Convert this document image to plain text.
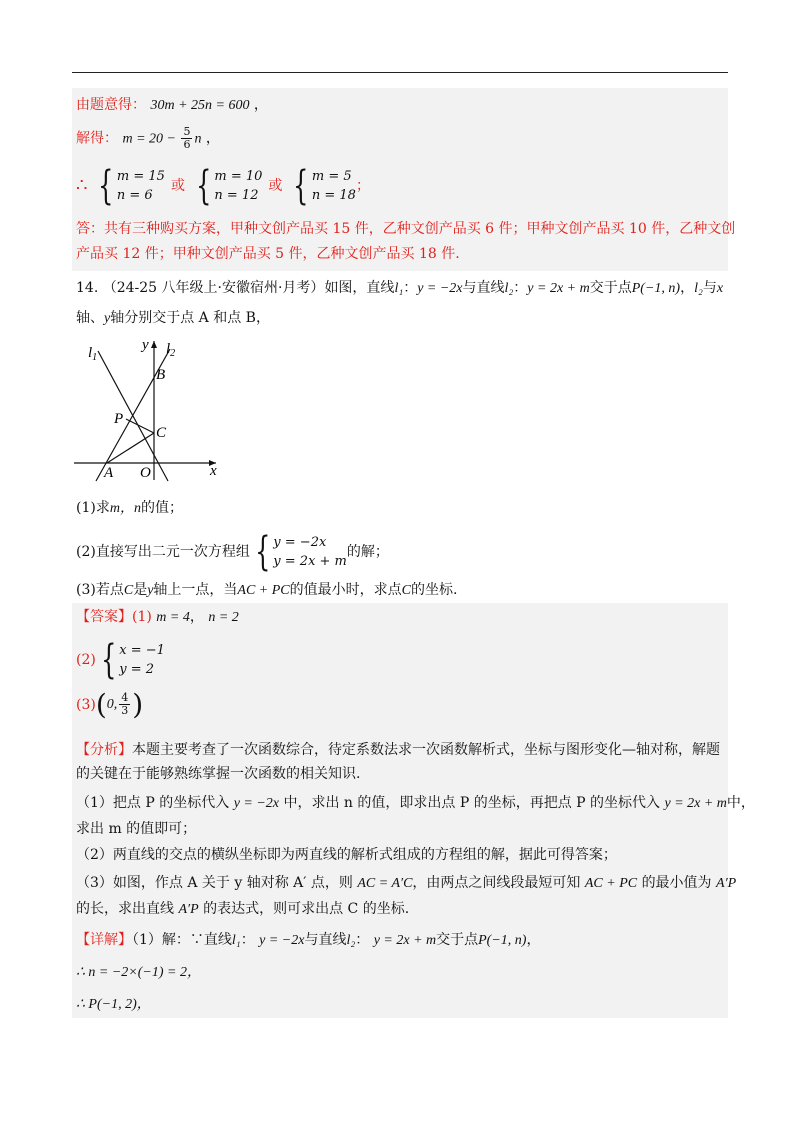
由题意得： 30m + 25n = 600 ，
解得： $m = 20 - \frac{5}{6}$ n ，
∴ { m = 15
n = 6
或 { m = 10
n = 12
或 { m = 5
n = 18
；
答：共有三种购买方案，甲种文创产品买 15 件，乙种文创产品买 6 件；甲种文创产品买 10 件，乙种文创
产品买 12 件；甲种文创产品买 5 件，乙种文创产品买 18 件.
14. （24-25 八年级上·安徽宿州·月考）如图，直线l₁：y = −2x与直线l₂：y = 2x + m交于点P(−1, n)，l₂与x
轴、y轴分别交于点 A 和点 B，
$l_1$
$l_2$
y
x
B
P
C
A O
(1)求m，n的值；
(2)直接写出二元一次方程组 { y = −2x
y = 2x + m
的解；
(3)若点C是y轴上一点，当AC + PC的值最小时，求点C的坐标.
【答案】(1) m = 4， n = 2
(2) { x = −1
y = 2
(3) ( 0, $\frac{4}{3}$ )
【分析】本题主要考查了一次函数综合，待定系数法求一次函数解析式，坐标与图形变化—轴对称，解题
的关键在于能够熟练掌握一次函数的相关知识.
（1）把点 P 的坐标代入 y = −2x 中，求出 n 的值，即求出点 P 的坐标，再把点 P 的坐标代入 y = 2x + m中，
求出 m 的值即可；
（2）两直线的交点的横纵坐标即为两直线的解析式组成的方程组的解，据此可得答案；
（3）如图，作点 A 关于 y 轴对称 A′ 点，则 AC = A′C，由两点之间线段最短可知 AC + PC 的最小值为 A′P
的长，求出直线 A′P 的表达式，则可求出点 C 的坐标.
【详解】（1）解：∵直线l₁： y = −2x与直线l₂： y = 2x + m交于点P(−1, n)，
∴ n = −2×(−1) = 2，
∴ P(−1, 2)，
